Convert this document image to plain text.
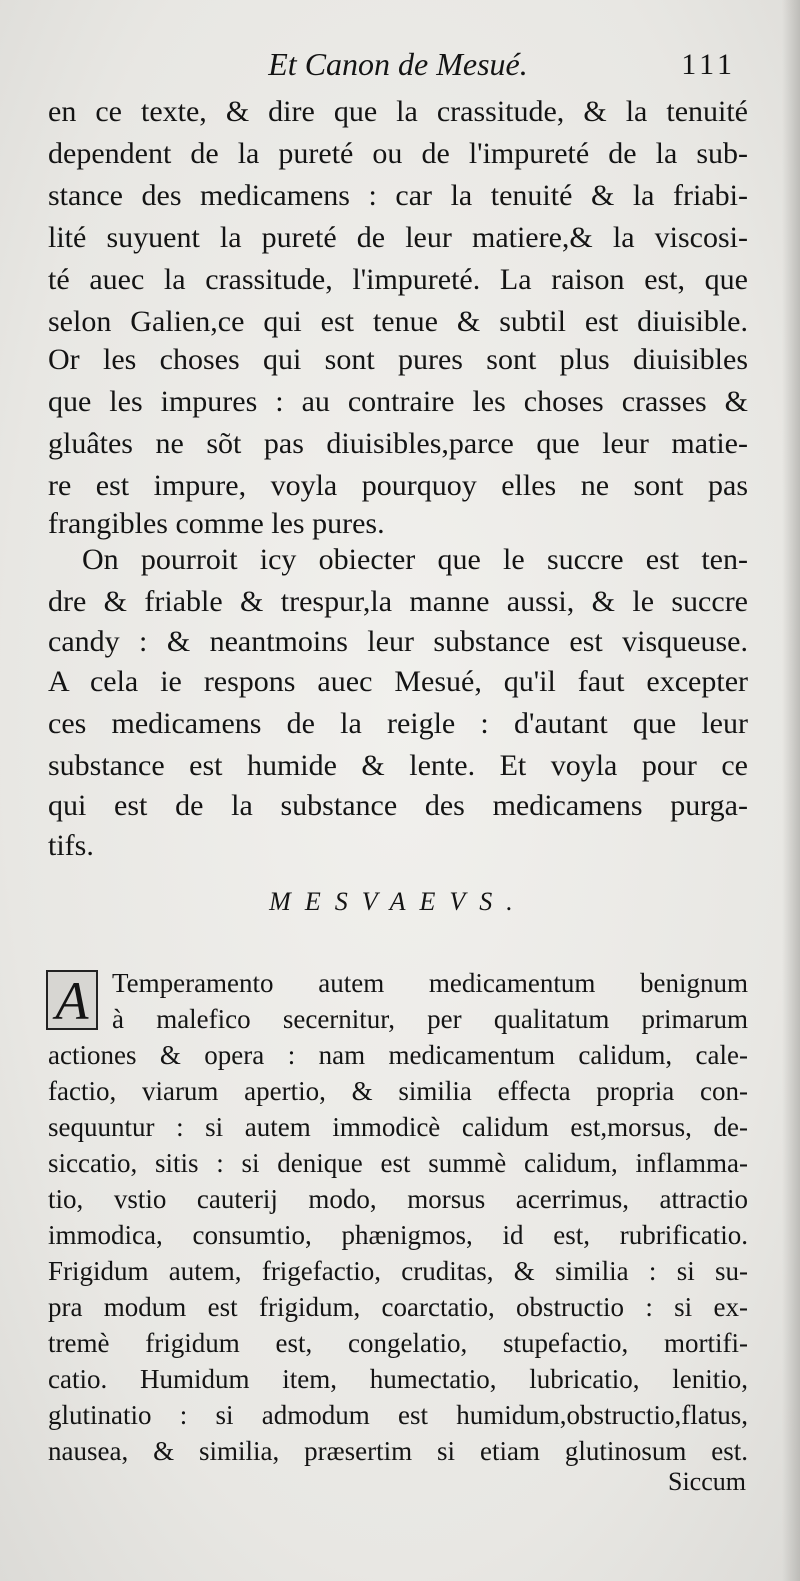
Et Canon de Mesué.	111
en ce texte, & dire que la crassitude, & la tenuité
dependent de la pureté ou de l'impureté de la sub-
stance des medicamens : car la tenuité & la friabi-
lité suyuent la pureté de leur matiere,& la viscosi-
té auec la crassitude, l'impureté. La raison est, que
selon Galien,ce qui est tenue & subtil est diuisible.
Or les choses qui sont pures sont plus diuisibles
que les impures : au contraire les choses crasses &
gluâtes ne sõt pas diuisibles,parce que leur matie-
re est impure, voyla pourquoy elles ne sont pas
frangibles comme les pures.
On pourroit icy obiecter que le succre est ten-
dre & friable & trespur,la manne aussi, & le succre
candy : & neantmoins leur substance est visqueuse.
A cela ie respons auec Mesué, qu'il faut excepter
ces medicamens de la reigle : d'autant que leur
substance est humide & lente. Et voyla pour ce
qui est de la substance des medicamens purga-
tifs.
MESVAEVS.
A Temperamento autem medicamentum benignum
à malefico secernitur, per qualitatum primarum
actiones & opera : nam medicamentum calidum, cale-
factio, viarum apertio, & similia effecta propria con-
sequuntur : si autem immodicè calidum est,morsus, de-
siccatio, sitis : si denique est summè calidum, inflamma-
tio, vstio cauterij modo, morsus acerrimus, attractio
immodica, consumtio, phænigmos, id est, rubrificatio.
Frigidum autem, frigefactio, cruditas, & similia : si su-
pra modum est frigidum, coarctatio, obstructio : si ex-
tremè frigidum est, congelatio, stupefactio, mortifi-
catio. Humidum item, humectatio, lubricatio, lenitio,
glutinatio : si admodum est humidum,obstructio,flatus,
nausea, & similia, præsertim si etiam glutinosum est.
Siccum
